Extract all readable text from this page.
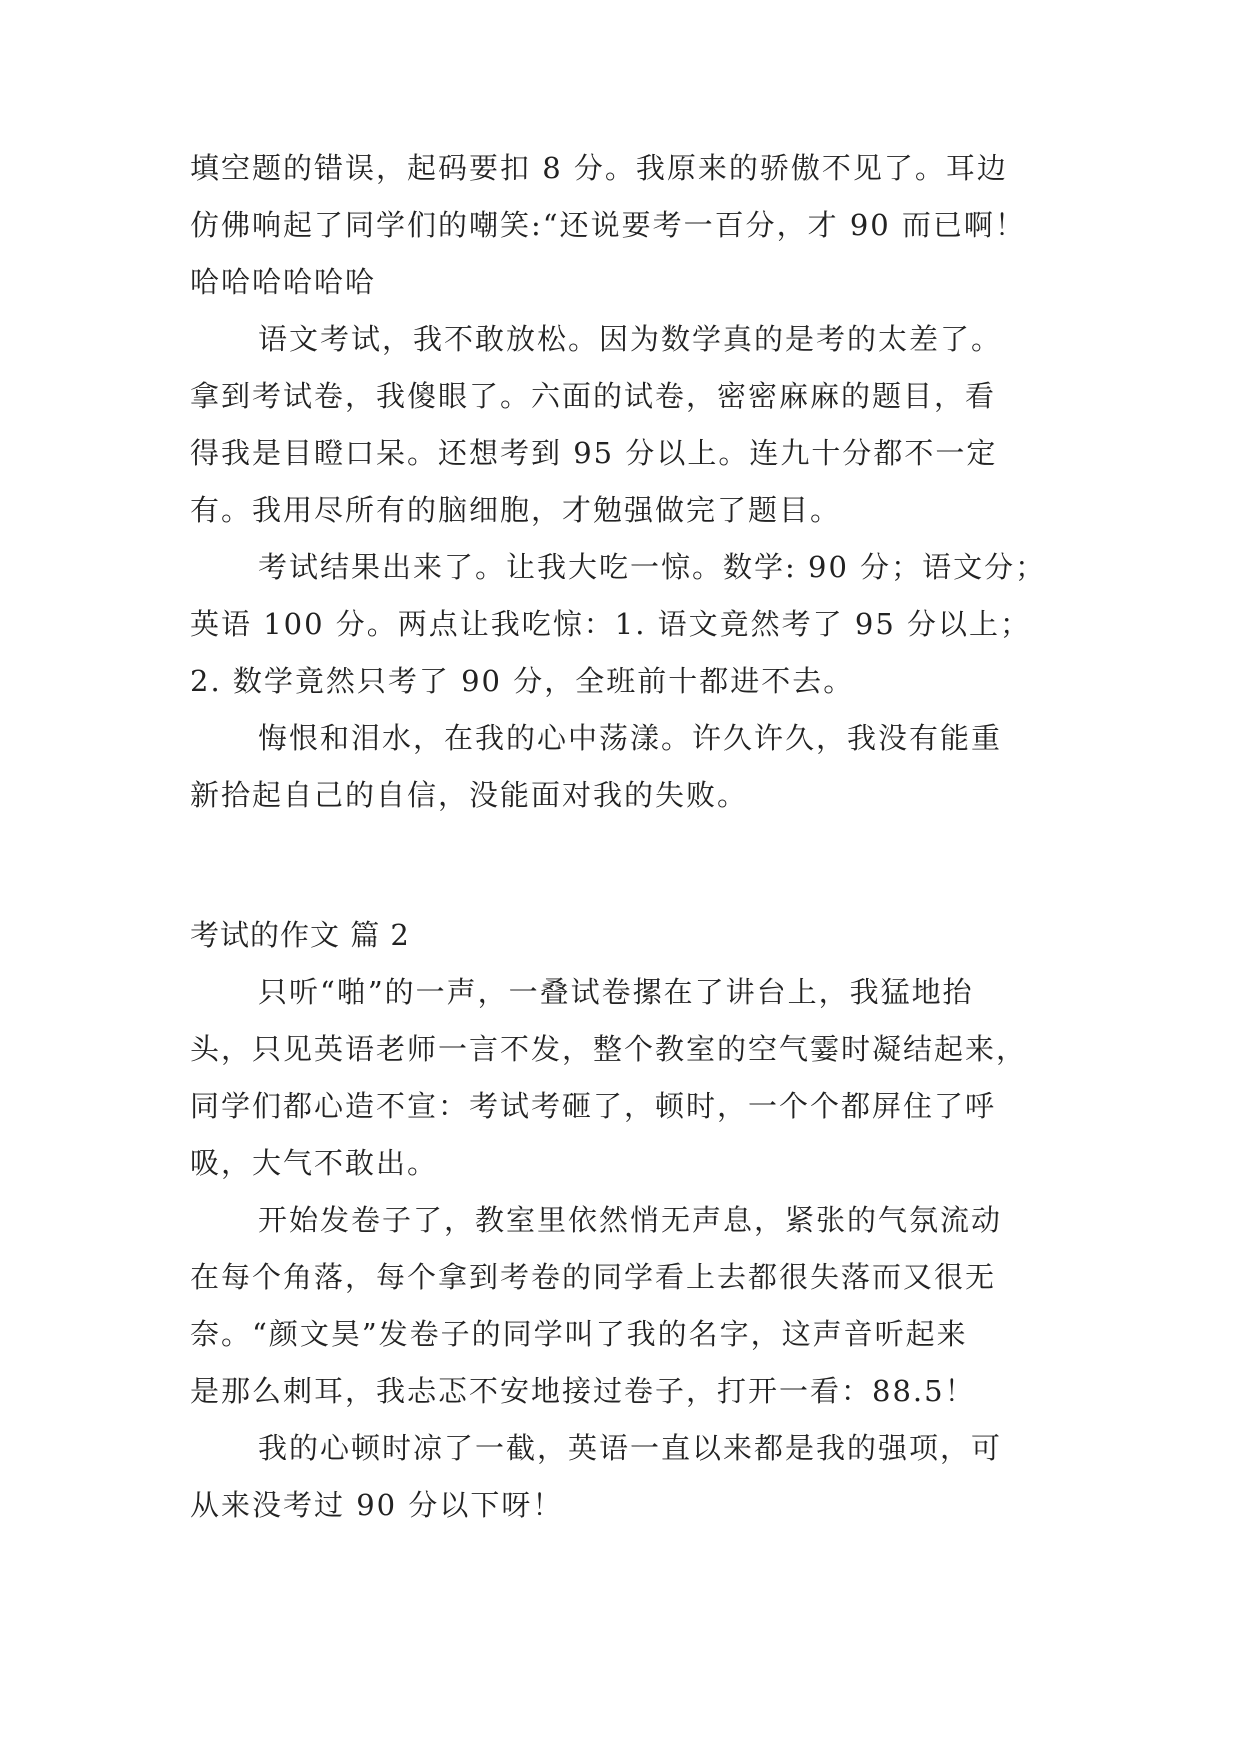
填空题的错误，起码要扣 8 分。我原来的骄傲不见了。耳边
仿佛响起了同学们的嘲笑:“还说要考一百分，才 90 而已啊！
哈哈哈哈哈哈

语文考试，我不敢放松。因为数学真的是考的太差了。
拿到考试卷，我傻眼了。六面的试卷，密密麻麻的题目，看
得我是目瞪口呆。还想考到 95 分以上。连九十分都不一定
有。我用尽所有的脑细胞，才勉强做完了题目。

考试结果出来了。让我大吃一惊。数学: 90 分；语文分；
英语 100 分。两点让我吃惊：1. 语文竟然考了 95 分以上；
2. 数学竟然只考了 90 分，全班前十都进不去。

悔恨和泪水，在我的心中荡漾。许久许久，我没有能重
新拾起自己的自信，没能面对我的失败。

考试的作文 篇 2

只听“啪”的一声，一叠试卷摞在了讲台上，我猛地抬
头，只见英语老师一言不发，整个教室的空气霎时凝结起来，
同学们都心造不宣：考试考砸了，顿时，一个个都屏住了呼
吸，大气不敢出。

开始发卷子了，教室里依然悄无声息，紧张的气氛流动
在每个角落，每个拿到考卷的同学看上去都很失落而又很无
奈。“颜文昊”发卷子的同学叫了我的名字，这声音听起来
是那么刺耳，我忐忑不安地接过卷子，打开一看：88.5！

我的心顿时凉了一截，英语一直以来都是我的强项，可
从来没考过 90 分以下呀！
